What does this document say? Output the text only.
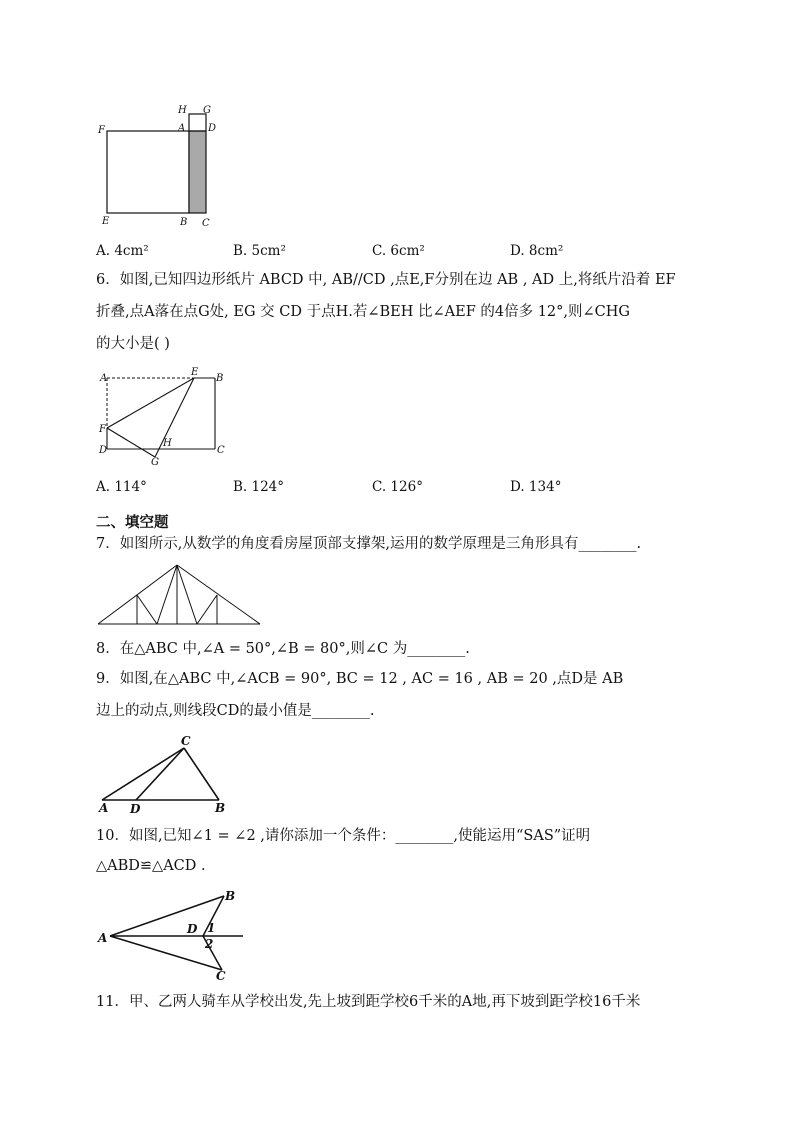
H G
A D
F
E	B C
A. 4cm²	B. 5cm²	C. 6cm²	D. 8cm²
6．如图,已知四边形纸片 ABCD 中, AB//CD ,点E,F分别在边 AB , AD 上,将纸片沿着 EF
折叠,点A落在点G处, EG 交 CD 于点H.若∠BEH 比∠AEF 的4倍多 12°,则∠CHG
的大小是( )
A
E
B
F
D
H
C
G
A. 114°	B. 124°	C. 126°	D. 134°
二、填空题
7．如图所示,从数学的角度看房屋顶部支撑架,运用的数学原理是三角形具有________.
8．在△ABC 中,∠A = 50°,∠B = 80°,则∠C 为________.
9．如图,在△ABC 中,∠ACB = 90°, BC = 12 , AC = 16 , AB = 20 ,点D是 AB
边上的动点,则线段CD的最小值是________.
C
A D	B
10．如图,已知∠1 = ∠2 ,请你添加一个条件：________,使能运用“SAS”证明
△ABD≌△ACD .
A
B
C
D 1
2
11．甲、乙两人骑车从学校出发,先上坡到距学校6千米的A地,再下坡到距学校16千米
